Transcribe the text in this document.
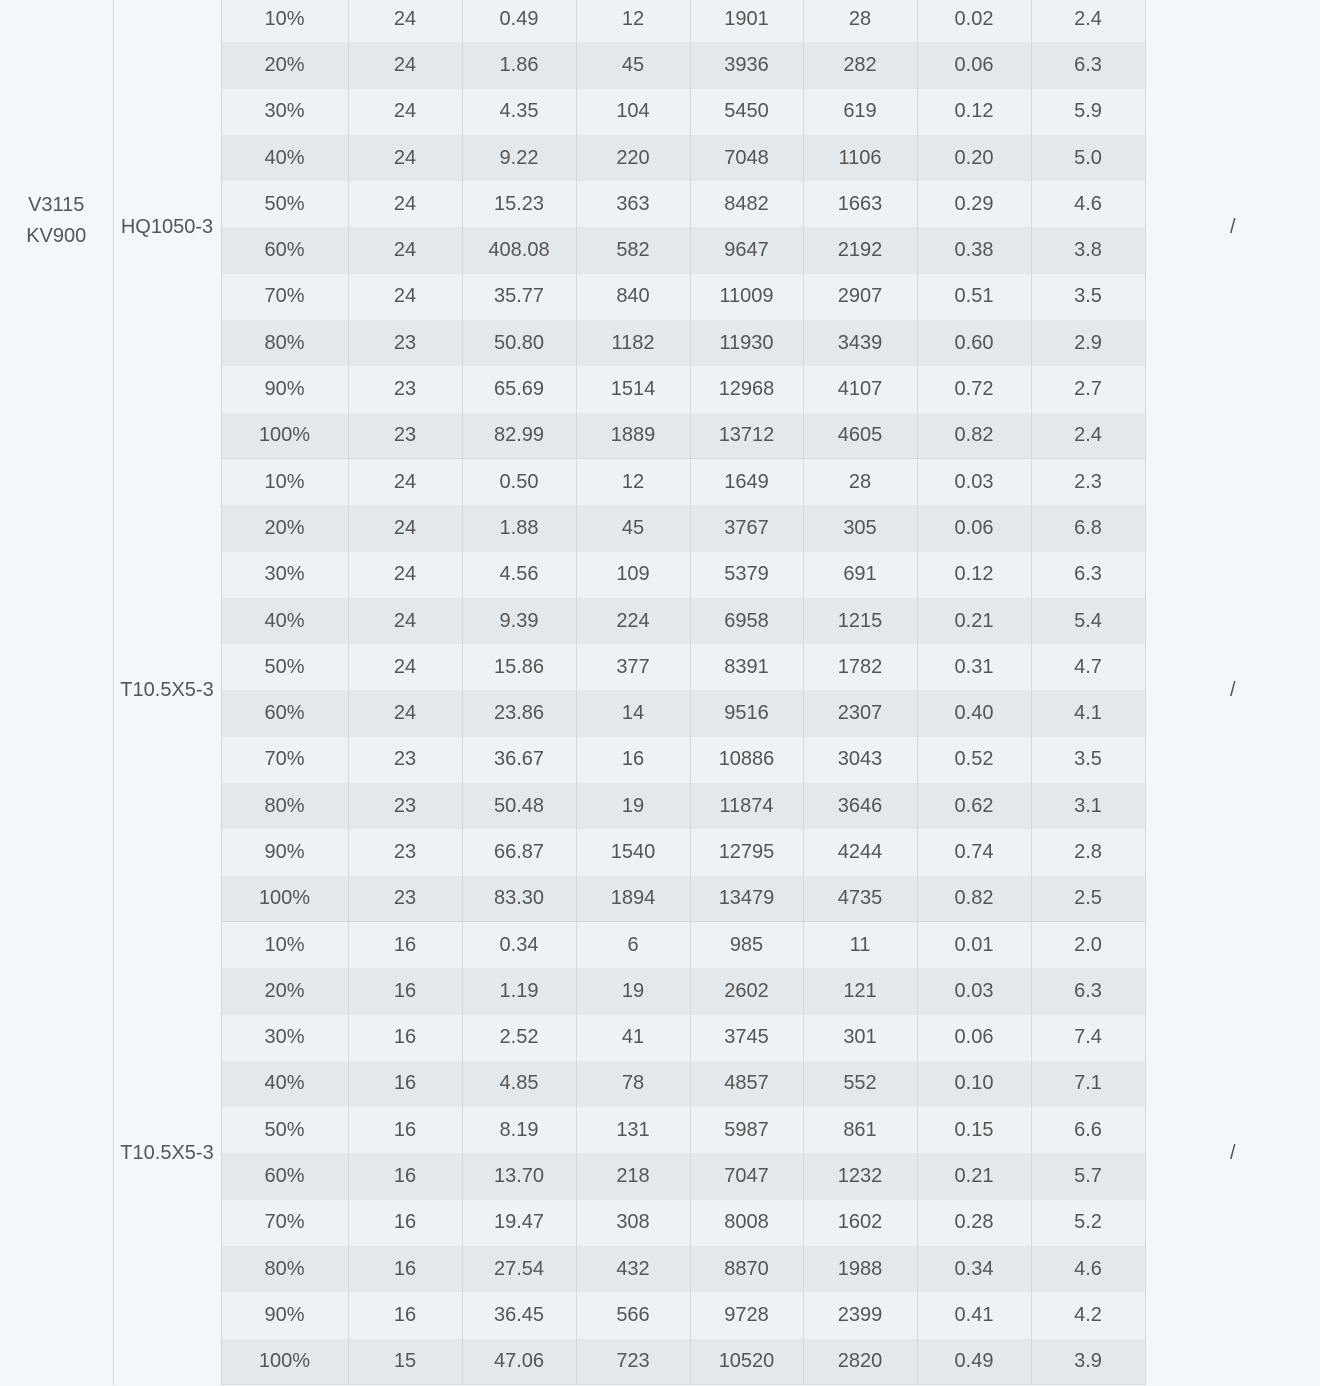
V3115
KV900	HQ1050-3	10%	24	0.49	12	1901	28	0.02	2.4	/
		20%	24	1.86	45	3936	282	0.06	6.3	
		30%	24	4.35	104	5450	619	0.12	5.9	
		40%	24	9.22	220	7048	1106	0.20	5.0	
		50%	24	15.23	363	8482	1663	0.29	4.6	
		60%	24	408.08	582	9647	2192	0.38	3.8	
		70%	24	35.77	840	11009	2907	0.51	3.5	
		80%	23	50.80	1182	11930	3439	0.60	2.9	
		90%	23	65.69	1514	12968	4107	0.72	2.7	
		100%	23	82.99	1889	13712	4605	0.82	2.4	
	T10.5X5-3	10%	24	0.50	12	1649	28	0.03	2.3	/
		20%	24	1.88	45	3767	305	0.06	6.8	
		30%	24	4.56	109	5379	691	0.12	6.3	
		40%	24	9.39	224	6958	1215	0.21	5.4	
		50%	24	15.86	377	8391	1782	0.31	4.7	
		60%	24	23.86	14	9516	2307	0.40	4.1	
		70%	23	36.67	16	10886	3043	0.52	3.5	
		80%	23	50.48	19	11874	3646	0.62	3.1	
		90%	23	66.87	1540	12795	4244	0.74	2.8	
		100%	23	83.30	1894	13479	4735	0.82	2.5	
	T10.5X5-3	10%	16	0.34	6	985	11	0.01	2.0	/
		20%	16	1.19	19	2602	121	0.03	6.3	
		30%	16	2.52	41	3745	301	0.06	7.4	
		40%	16	4.85	78	4857	552	0.10	7.1	
		50%	16	8.19	131	5987	861	0.15	6.6	
		60%	16	13.70	218	7047	1232	0.21	5.7	
		70%	16	19.47	308	8008	1602	0.28	5.2	
		80%	16	27.54	432	8870	1988	0.34	4.6	
		90%	16	36.45	566	9728	2399	0.41	4.2	
		100%	15	47.06	723	10520	2820	0.49	3.9	
